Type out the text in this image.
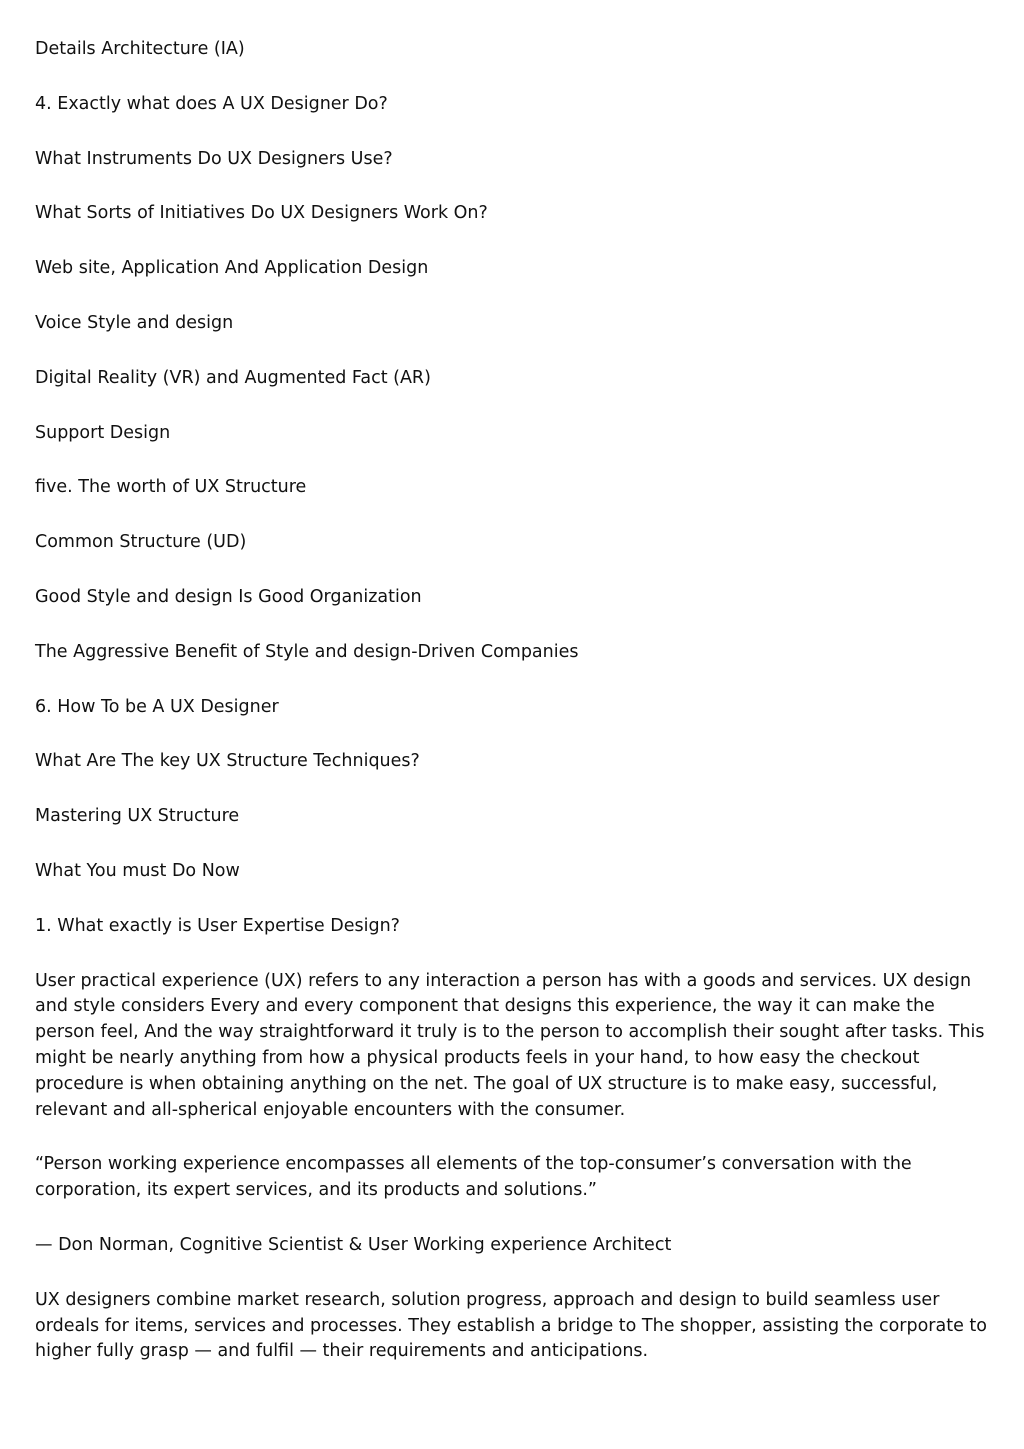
Details Architecture (IA)
4. Exactly what does A UX Designer Do?
What Instruments Do UX Designers Use?
What Sorts of Initiatives Do UX Designers Work On?
Web site, Application And Application Design
Voice Style and design
Digital Reality (VR) and Augmented Fact (AR)
Support Design
five. The worth of UX Structure
Common Structure (UD)
Good Style and design Is Good Organization
The Aggressive Benefit of Style and design-Driven Companies
6. How To be A UX Designer
What Are The key UX Structure Techniques?
Mastering UX Structure
What You must Do Now
1. What exactly is User Expertise Design?

User practical experience (UX) refers to any interaction a person has with a goods and services. UX design and style considers Every and every component that designs this experience, the way it can make the person feel, And the way straightforward it truly is to the person to accomplish their sought after tasks. This might be nearly anything from how a physical products feels in your hand, to how easy the checkout procedure is when obtaining anything on the net. The goal of UX structure is to make easy, successful, relevant and all-spherical enjoyable encounters with the consumer.

“Person working experience encompasses all elements of the top-consumer’s conversation with the corporation, its expert services, and its products and solutions.”

— Don Norman, Cognitive Scientist & User Working experience Architect

UX designers combine market research, solution progress, approach and design to build seamless user ordeals for items, services and processes. They establish a bridge to The shopper, assisting the corporate to higher fully grasp — and fulfil — their requirements and anticipations.
